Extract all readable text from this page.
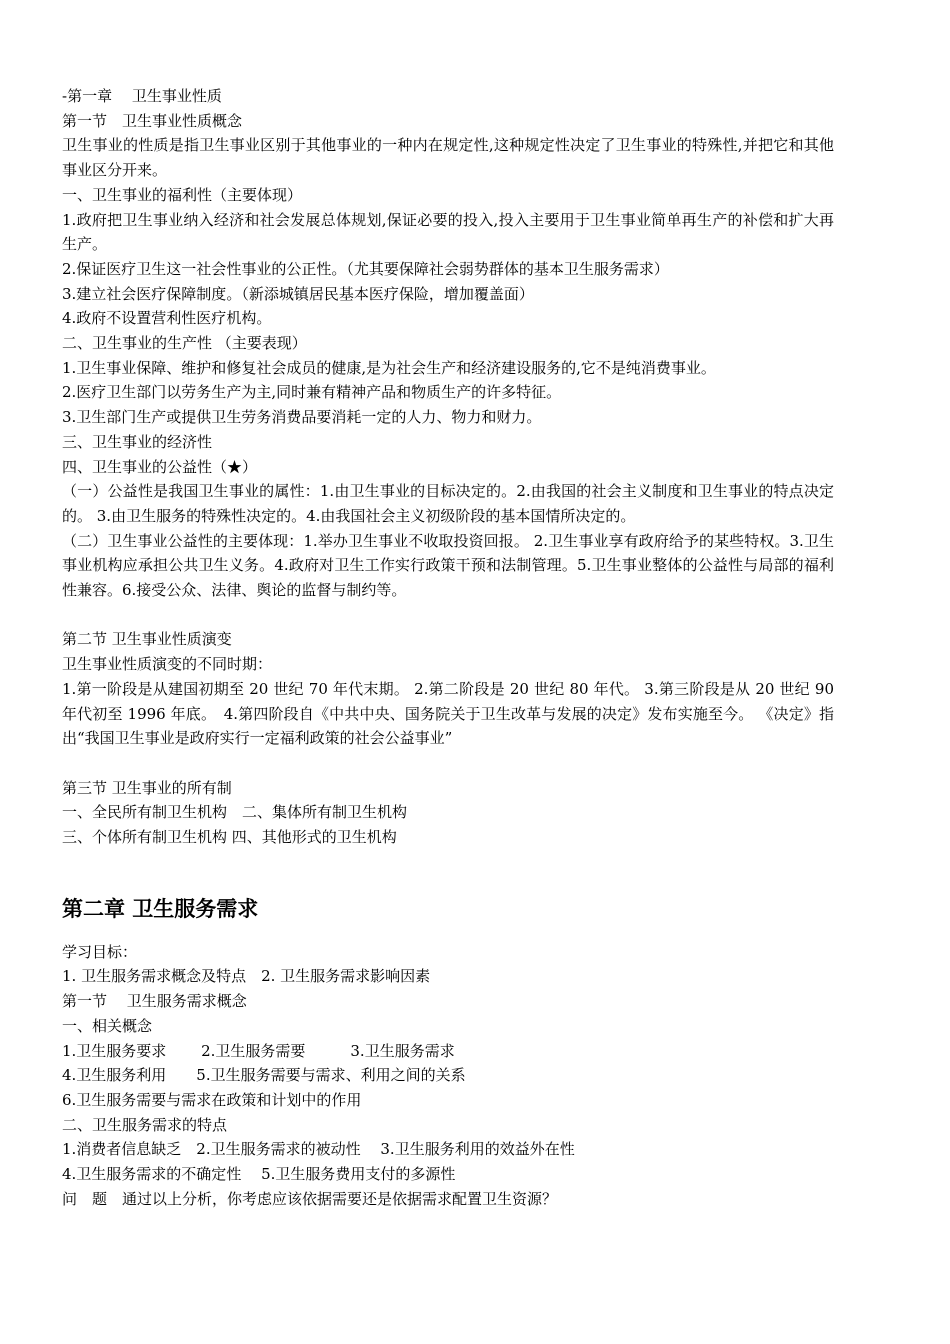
-第一章　 卫生事业性质

第一节　卫生事业性质概念

卫生事业的性质是指卫生事业区别于其他事业的一种内在规定性,这种规定性决定了卫生事业的特殊性,并把它和其他事业区分开来。

一、卫生事业的福利性（主要体现）

1.政府把卫生事业纳入经济和社会发展总体规划,保证必要的投入,投入主要用于卫生事业简单再生产的补偿和扩大再生产。

2.保证医疗卫生这一社会性事业的公正性。（尤其要保障社会弱势群体的基本卫生服务需求）

3.建立社会医疗保障制度。（新添城镇居民基本医疗保险，增加覆盖面）

4.政府不设置营利性医疗机构。

二、卫生事业的生产性 （主要表现）

1.卫生事业保障、维护和修复社会成员的健康,是为社会生产和经济建设服务的,它不是纯消费事业。

2.医疗卫生部门以劳务生产为主,同时兼有精神产品和物质生产的许多特征。

3.卫生部门生产或提供卫生劳务消费品要消耗一定的人力、物力和财力。

三、卫生事业的经济性

四、卫生事业的公益性（★）

（一）公益性是我国卫生事业的属性：1.由卫生事业的目标决定的。2.由我国的社会主义制度和卫生事业的特点决定的。 3.由卫生服务的特殊性决定的。4.由我国社会主义初级阶段的基本国情所决定的。

（二）卫生事业公益性的主要体现：1.举办卫生事业不收取投资回报。 2.卫生事业享有政府给予的某些特权。3.卫生事业机构应承担公共卫生义务。4.政府对卫生工作实行政策干预和法制管理。5.卫生事业整体的公益性与局部的福利性兼容。6.接受公众、法律、舆论的监督与制约等。

第二节 卫生事业性质演变

卫生事业性质演变的不同时期：

1.第一阶段是从建国初期至 20 世纪 70 年代末期。 2.第二阶段是 20 世纪 80 年代。 3.第三阶段是从 20 世纪 90 年代初至 1996 年底。　4.第四阶段自《中共中央、国务院关于卫生改革与发展的决定》发布实施至今。 《决定》指出“我国卫生事业是政府实行一定福利政策的社会公益事业”

第三节 卫生事业的所有制

一、全民所有制卫生机构　二、集体所有制卫生机构

三、个体所有制卫生机构 四、其他形式的卫生机构

第二章 卫生服务需求

学习目标：

1. 卫生服务需求概念及特点　2. 卫生服务需求影响因素

第一节　 卫生服务需求概念

一、相关概念

1.卫生服务要求　　 2.卫生服务需要　　　3.卫生服务需求

4.卫生服务利用　　5.卫生服务需要与需求、利用之间的关系

6.卫生服务需要与需求在政策和计划中的作用

二、卫生服务需求的特点

1.消费者信息缺乏　2.卫生服务需求的被动性　 3.卫生服务利用的效益外在性

4.卫生服务需求的不确定性　 5.卫生服务费用支付的多源性

问　题　通过以上分析，你考虑应该依据需要还是依据需求配置卫生资源？
